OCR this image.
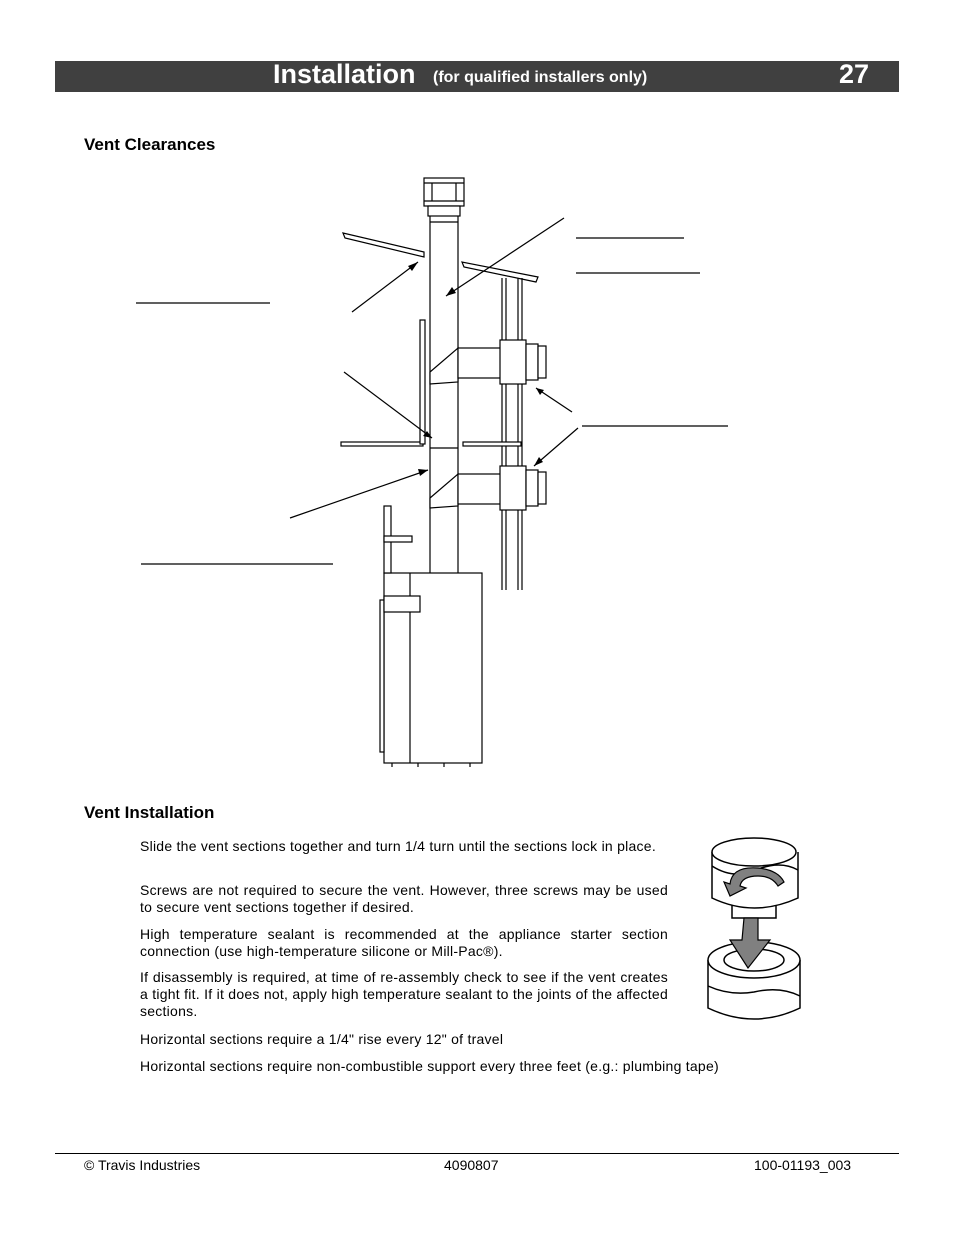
Installation (for qualified installers only)	27
Vent Clearances
Vent Installation
Slide the vent sections together and turn 1/4 turn until the sections lock in place.
Screws are not required to secure the vent. However, three screws may be used to secure vent sections together if desired.
High temperature sealant is recommended at the appliance starter section connection (use high-temperature silicone or Mill-Pac®).
If disassembly is required, at time of re-assembly check to see if the vent creates a tight fit. If it does not, apply high temperature sealant to the joints of the affected sections.
Horizontal sections require a 1/4" rise every 12" of travel
Horizontal sections require non-combustible support every three feet (e.g.: plumbing tape)
© Travis Industries	4090807	100-01193_003
